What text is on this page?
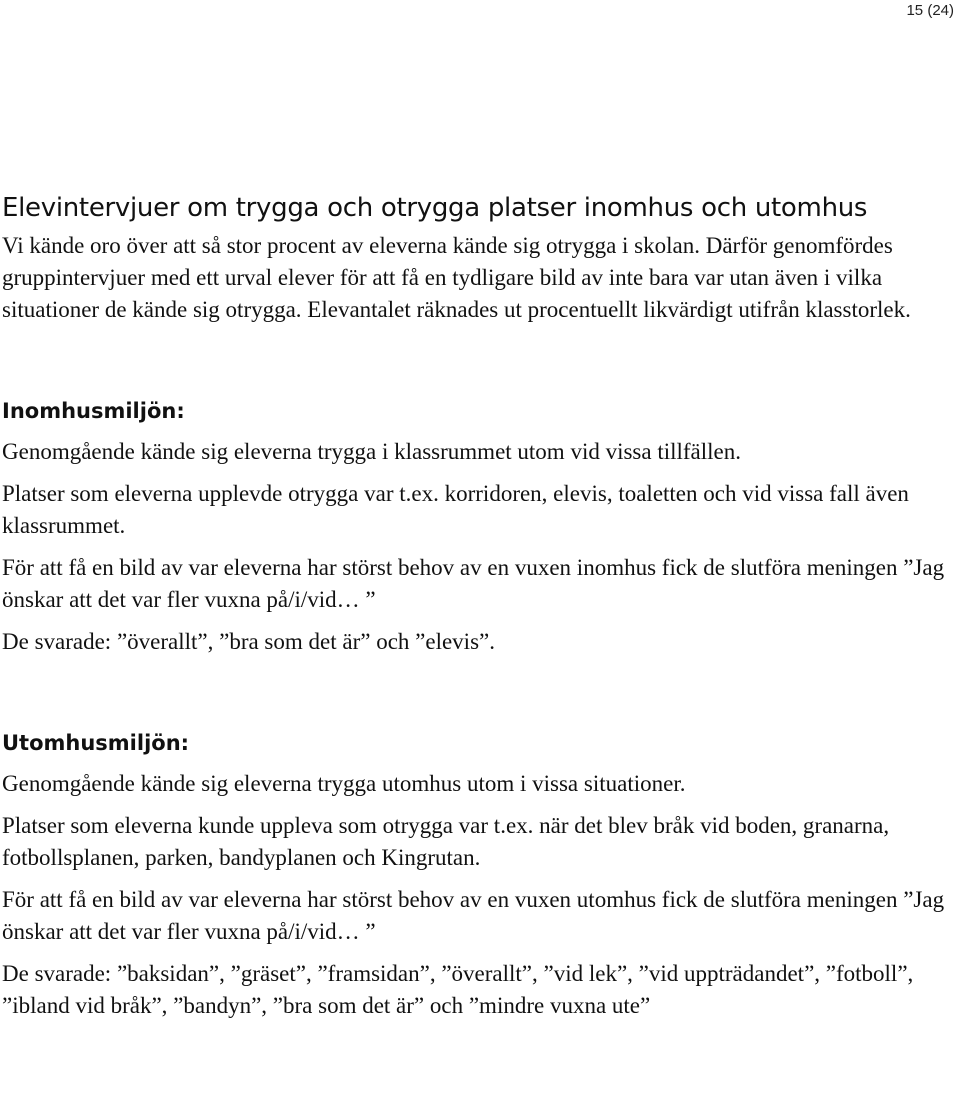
15 (24)
Elevintervjuer om trygga och otrygga platser inomhus och utomhus

Vi kände oro över att så stor procent av eleverna kände sig otrygga i skolan. Därför genomfördes gruppintervjuer med ett urval elever för att få en tydligare bild av inte bara var utan även i vilka situationer de kände sig otrygga. Elevantalet räknades ut procentuellt likvärdigt utifrån klasstorlek.

Inomhusmiljön:

Genomgående kände sig eleverna trygga i klassrummet utom vid vissa tillfällen.

Platser som eleverna upplevde otrygga var t.ex. korridoren, elevis, toaletten och vid vissa fall även klassrummet.

För att få en bild av var eleverna har störst behov av en vuxen inomhus fick de slutföra meningen ”Jag önskar att det var fler vuxna på/i/vid… ”

De svarade: ”överallt”, ”bra som det är” och ”elevis”.

Utomhusmiljön:

Genomgående kände sig eleverna trygga utomhus utom i vissa situationer.

Platser som eleverna kunde uppleva som otrygga var t.ex. när det blev bråk vid boden, granarna, fotbollsplanen, parken, bandyplanen och Kingrutan.

För att få en bild av var eleverna har störst behov av en vuxen utomhus fick de slutföra meningen ”Jag önskar att det var fler vuxna på/i/vid… ”

De svarade: ”baksidan”, ”gräset”, ”framsidan”, ”överallt”, ”vid lek”, ”vid uppträdandet”, ”fotboll”, ”ibland vid bråk”, ”bandyn”, ”bra som det är” och ”mindre vuxna ute”
